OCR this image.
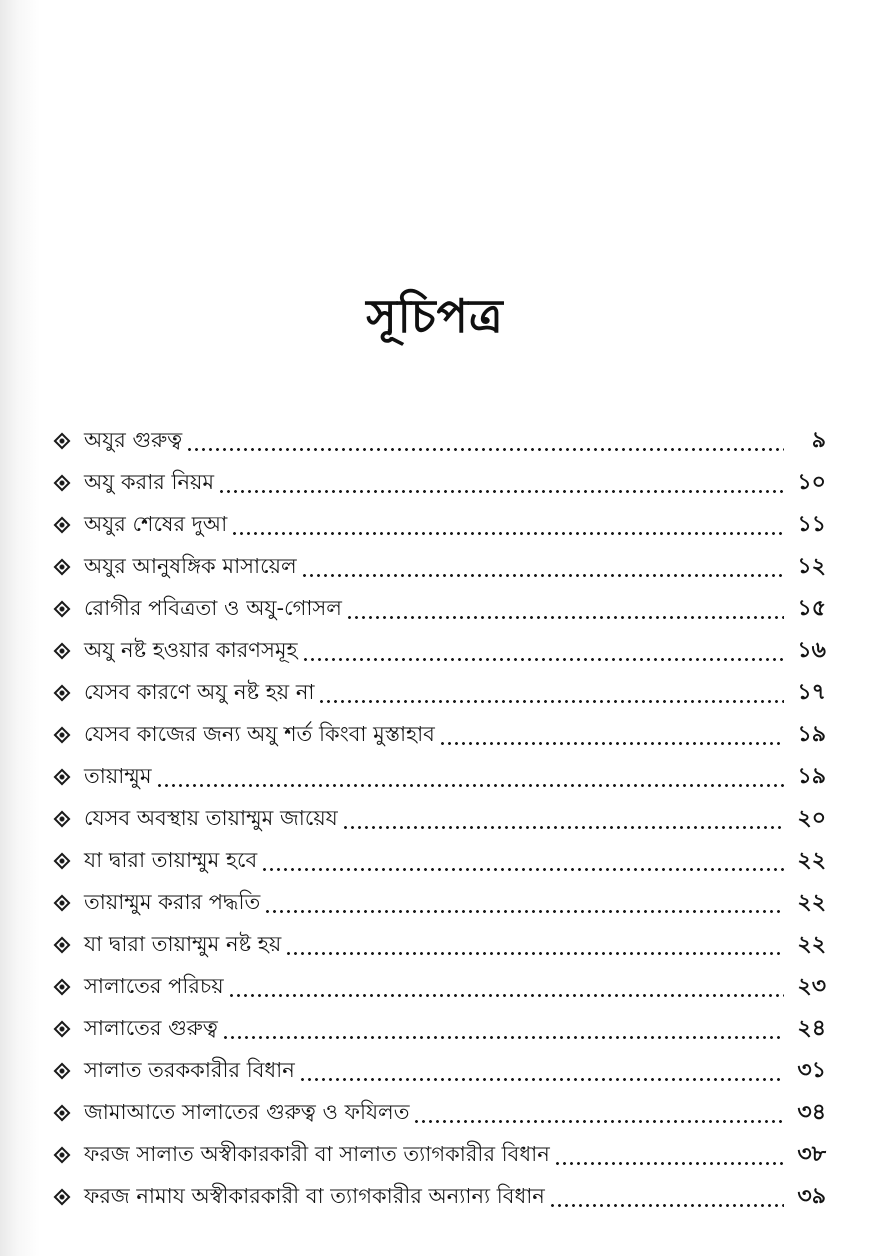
সূচিপত্র
অযুর গুরুত্ব	৯
অযু করার নিয়ম	১০
অযুর শেষের দুআ	১১
অযুর আনুষঙ্গিক মাসায়েল	১২
রোগীর পবিত্রতা ও অযু-গোসল	১৫
অযু নষ্ট হওয়ার কারণসমূহ	১৬
যেসব কারণে অযু নষ্ট হয় না	১৭
যেসব কাজের জন্য অযু শর্ত কিংবা মুস্তাহাব	১৯
তায়াম্মুম	১৯
যেসব অবস্থায় তায়াম্মুম জায়েয	২০
যা দ্বারা তায়াম্মুম হবে	২২
তায়াম্মুম করার পদ্ধতি	২২
যা দ্বারা তায়াম্মুম নষ্ট হয়	২২
সালাতের পরিচয়	২৩
সালাতের গুরুত্ব	২৪
সালাত তরককারীর বিধান	৩১
জামাআতে সালাতের গুরুত্ব ও ফযিলত	৩৪
ফরজ সালাত অস্বীকারকারী বা সালাত ত্যাগকারীর বিধান	৩৮
ফরজ নামায অস্বীকারকারী বা ত্যাগকারীর অন্যান্য বিধান	৩৯
